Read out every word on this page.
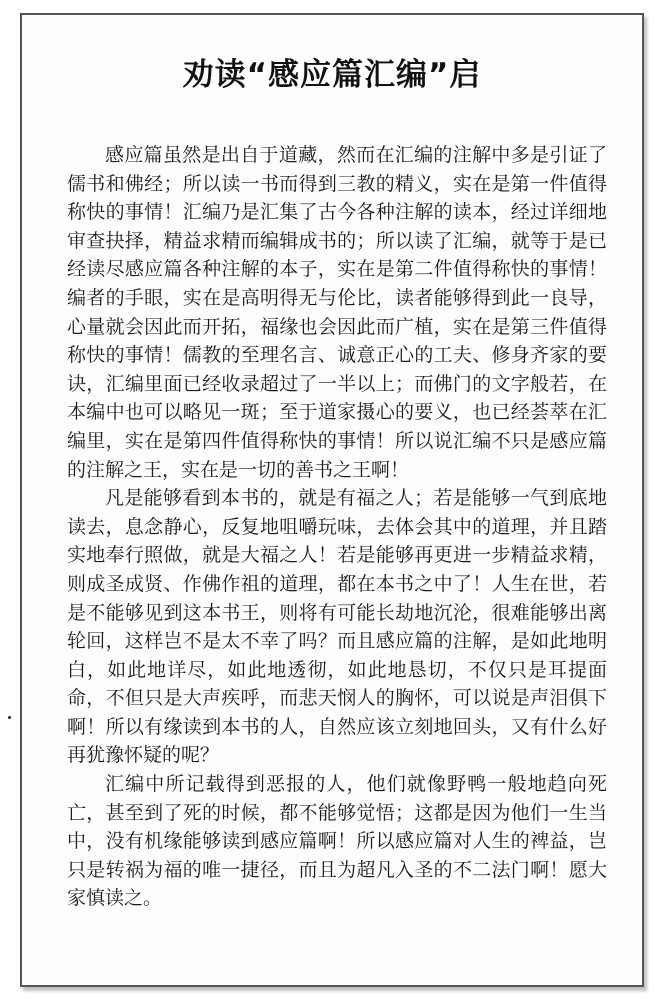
劝读“感应篇汇编”启

感应篇虽然是出自于道藏，然而在汇编的注解中多是引证了儒书和佛经；所以读一书而得到三教的精义，实在是第一件值得称快的事情！汇编乃是汇集了古今各种注解的读本，经过详细地审查抉择，精益求精而编辑成书的；所以读了汇编，就等于是已经读尽感应篇各种注解的本子，实在是第二件值得称快的事情！编者的手眼，实在是高明得无与伦比，读者能够得到此一良导，心量就会因此而开拓，福缘也会因此而广植，实在是第三件值得称快的事情！儒教的至理名言、诚意正心的工夫、修身齐家的要诀，汇编里面已经收录超过了一半以上；而佛门的文字般若，在本编中也可以略见一斑；至于道家摄心的要义，也已经荟萃在汇编里，实在是第四件值得称快的事情！所以说汇编不只是感应篇的注解之王，实在是一切的善书之王啊！

凡是能够看到本书的，就是有福之人；若是能够一气到底地读去，息念静心，反复地咀嚼玩味，去体会其中的道理，并且踏实地奉行照做，就是大福之人！若是能够再更进一步精益求精，则成圣成贤、作佛作祖的道理，都在本书之中了！人生在世，若是不能够见到这本书王，则将有可能长劫地沉沦，很难能够出离轮回，这样岂不是太不幸了吗？而且感应篇的注解，是如此地明白，如此地详尽，如此地透彻，如此地恳切，不仅只是耳提面命，不但只是大声疾呼，而悲天悯人的胸怀，可以说是声泪俱下啊！所以有缘读到本书的人，自然应该立刻地回头，又有什么好再犹豫怀疑的呢？

汇编中所记载得到恶报的人，他们就像野鸭一般地趋向死亡，甚至到了死的时候，都不能够觉悟；这都是因为他们一生当中，没有机缘能够读到感应篇啊！所以感应篇对人生的裨益，岂只是转祸为福的唯一捷径，而且为超凡入圣的不二法门啊！愿大家慎读之。
